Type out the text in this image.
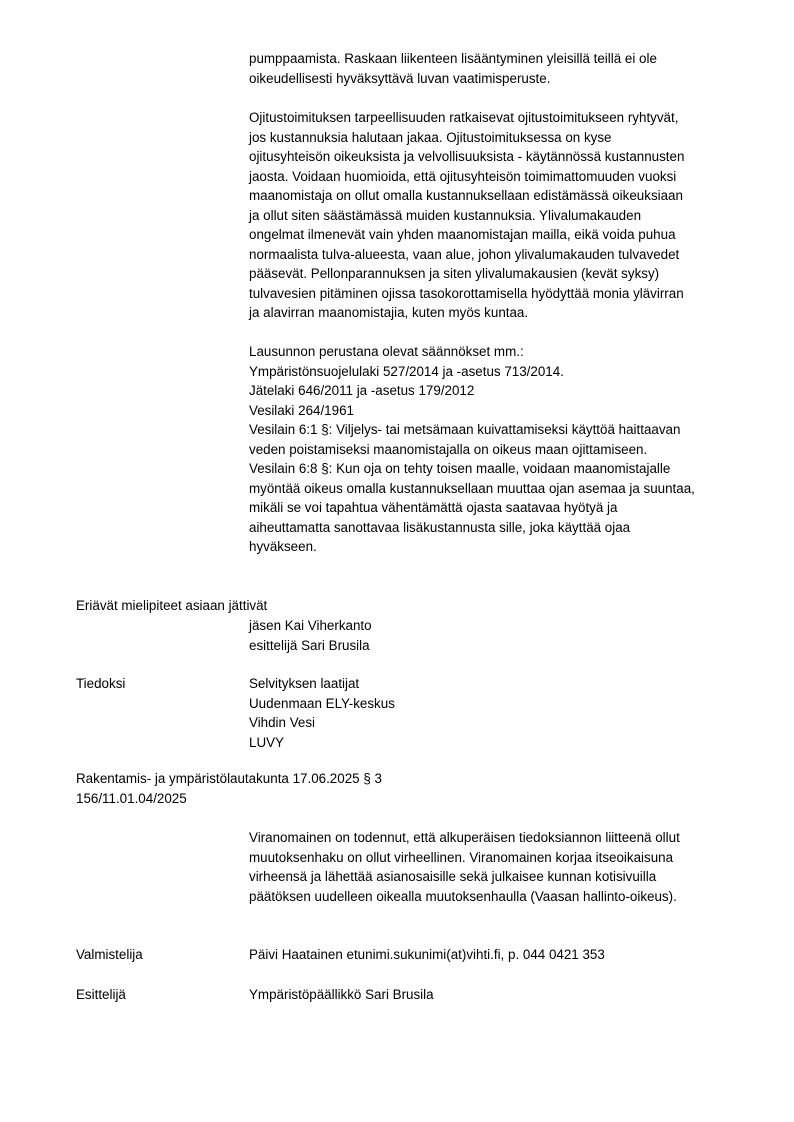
pumppaamista. Raskaan liikenteen lisääntyminen yleisillä teillä ei ole
oikeudellisesti hyväksyttävä luvan vaatimisperuste.
Ojitustoimituksen tarpeellisuuden ratkaisevat ojitustoimitukseen ryhtyvät,
jos kustannuksia halutaan jakaa. Ojitustoimituksessa on kyse
ojitusyhteisön oikeuksista ja velvollisuuksista - käytännössä kustannusten
jaosta. Voidaan huomioida, että ojitusyhteisön toimimattomuuden vuoksi
maanomistaja on ollut omalla kustannuksellaan edistämässä oikeuksiaan
ja ollut siten säästämässä muiden kustannuksia. Ylivalumakauden
ongelmat ilmenevät vain yhden maanomistajan mailla, eikä voida puhua
normaalista tulva-alueesta, vaan alue, johon ylivalumakauden tulvavedet
pääsevät. Pellonparannuksen ja siten ylivalumakausien (kevät syksy)
tulvavesien pitäminen ojissa tasokorottamisella hyödyttää monia ylävirran
ja alavirran maanomistajia, kuten myös kuntaa.
Lausunnon perustana olevat säännökset mm.:
Ympäristönsuojelulaki 527/2014 ja -asetus 713/2014.
Jätelaki 646/2011 ja -asetus 179/2012
Vesilaki 264/1961
Vesilain 6:1 §: Viljelys- tai metsämaan kuivattamiseksi käyttöä haittaavan
veden poistamiseksi maanomistajalla on oikeus maan ojittamiseen.
Vesilain 6:8 §: Kun oja on tehty toisen maalle, voidaan maanomistajalle
myöntää oikeus omalla kustannuksellaan muuttaa ojan asemaa ja suuntaa,
mikäli se voi tapahtua vähentämättä ojasta saatavaa hyötyä ja
aiheuttamatta sanottavaa lisäkustannusta sille, joka käyttää ojaa
hyväkseen.
Eriävät mielipiteet asiaan jättivät
jäsen Kai Viherkanto
esittelijä Sari Brusila
Tiedoksi	Selvityksen laatijat
Uudenmaan ELY-keskus
Vihdin Vesi
LUVY
Rakentamis- ja ympäristölautakunta 17.06.2025 § 3
156/11.01.04/2025
Viranomainen on todennut, että alkuperäisen tiedoksiannon liitteenä ollut
muutoksenhaku on ollut virheellinen. Viranomainen korjaa itseoikaisuna
virheensä ja lähettää asianosaisille sekä julkaisee kunnan kotisivuilla
päätöksen uudelleen oikealla muutoksenhaulla (Vaasan hallinto-oikeus).
Valmistelija	Päivi Haatainen etunimi.sukunimi(at)vihti.fi, p. 044 0421 353
Esittelijä	Ympäristöpäällikkö Sari Brusila
